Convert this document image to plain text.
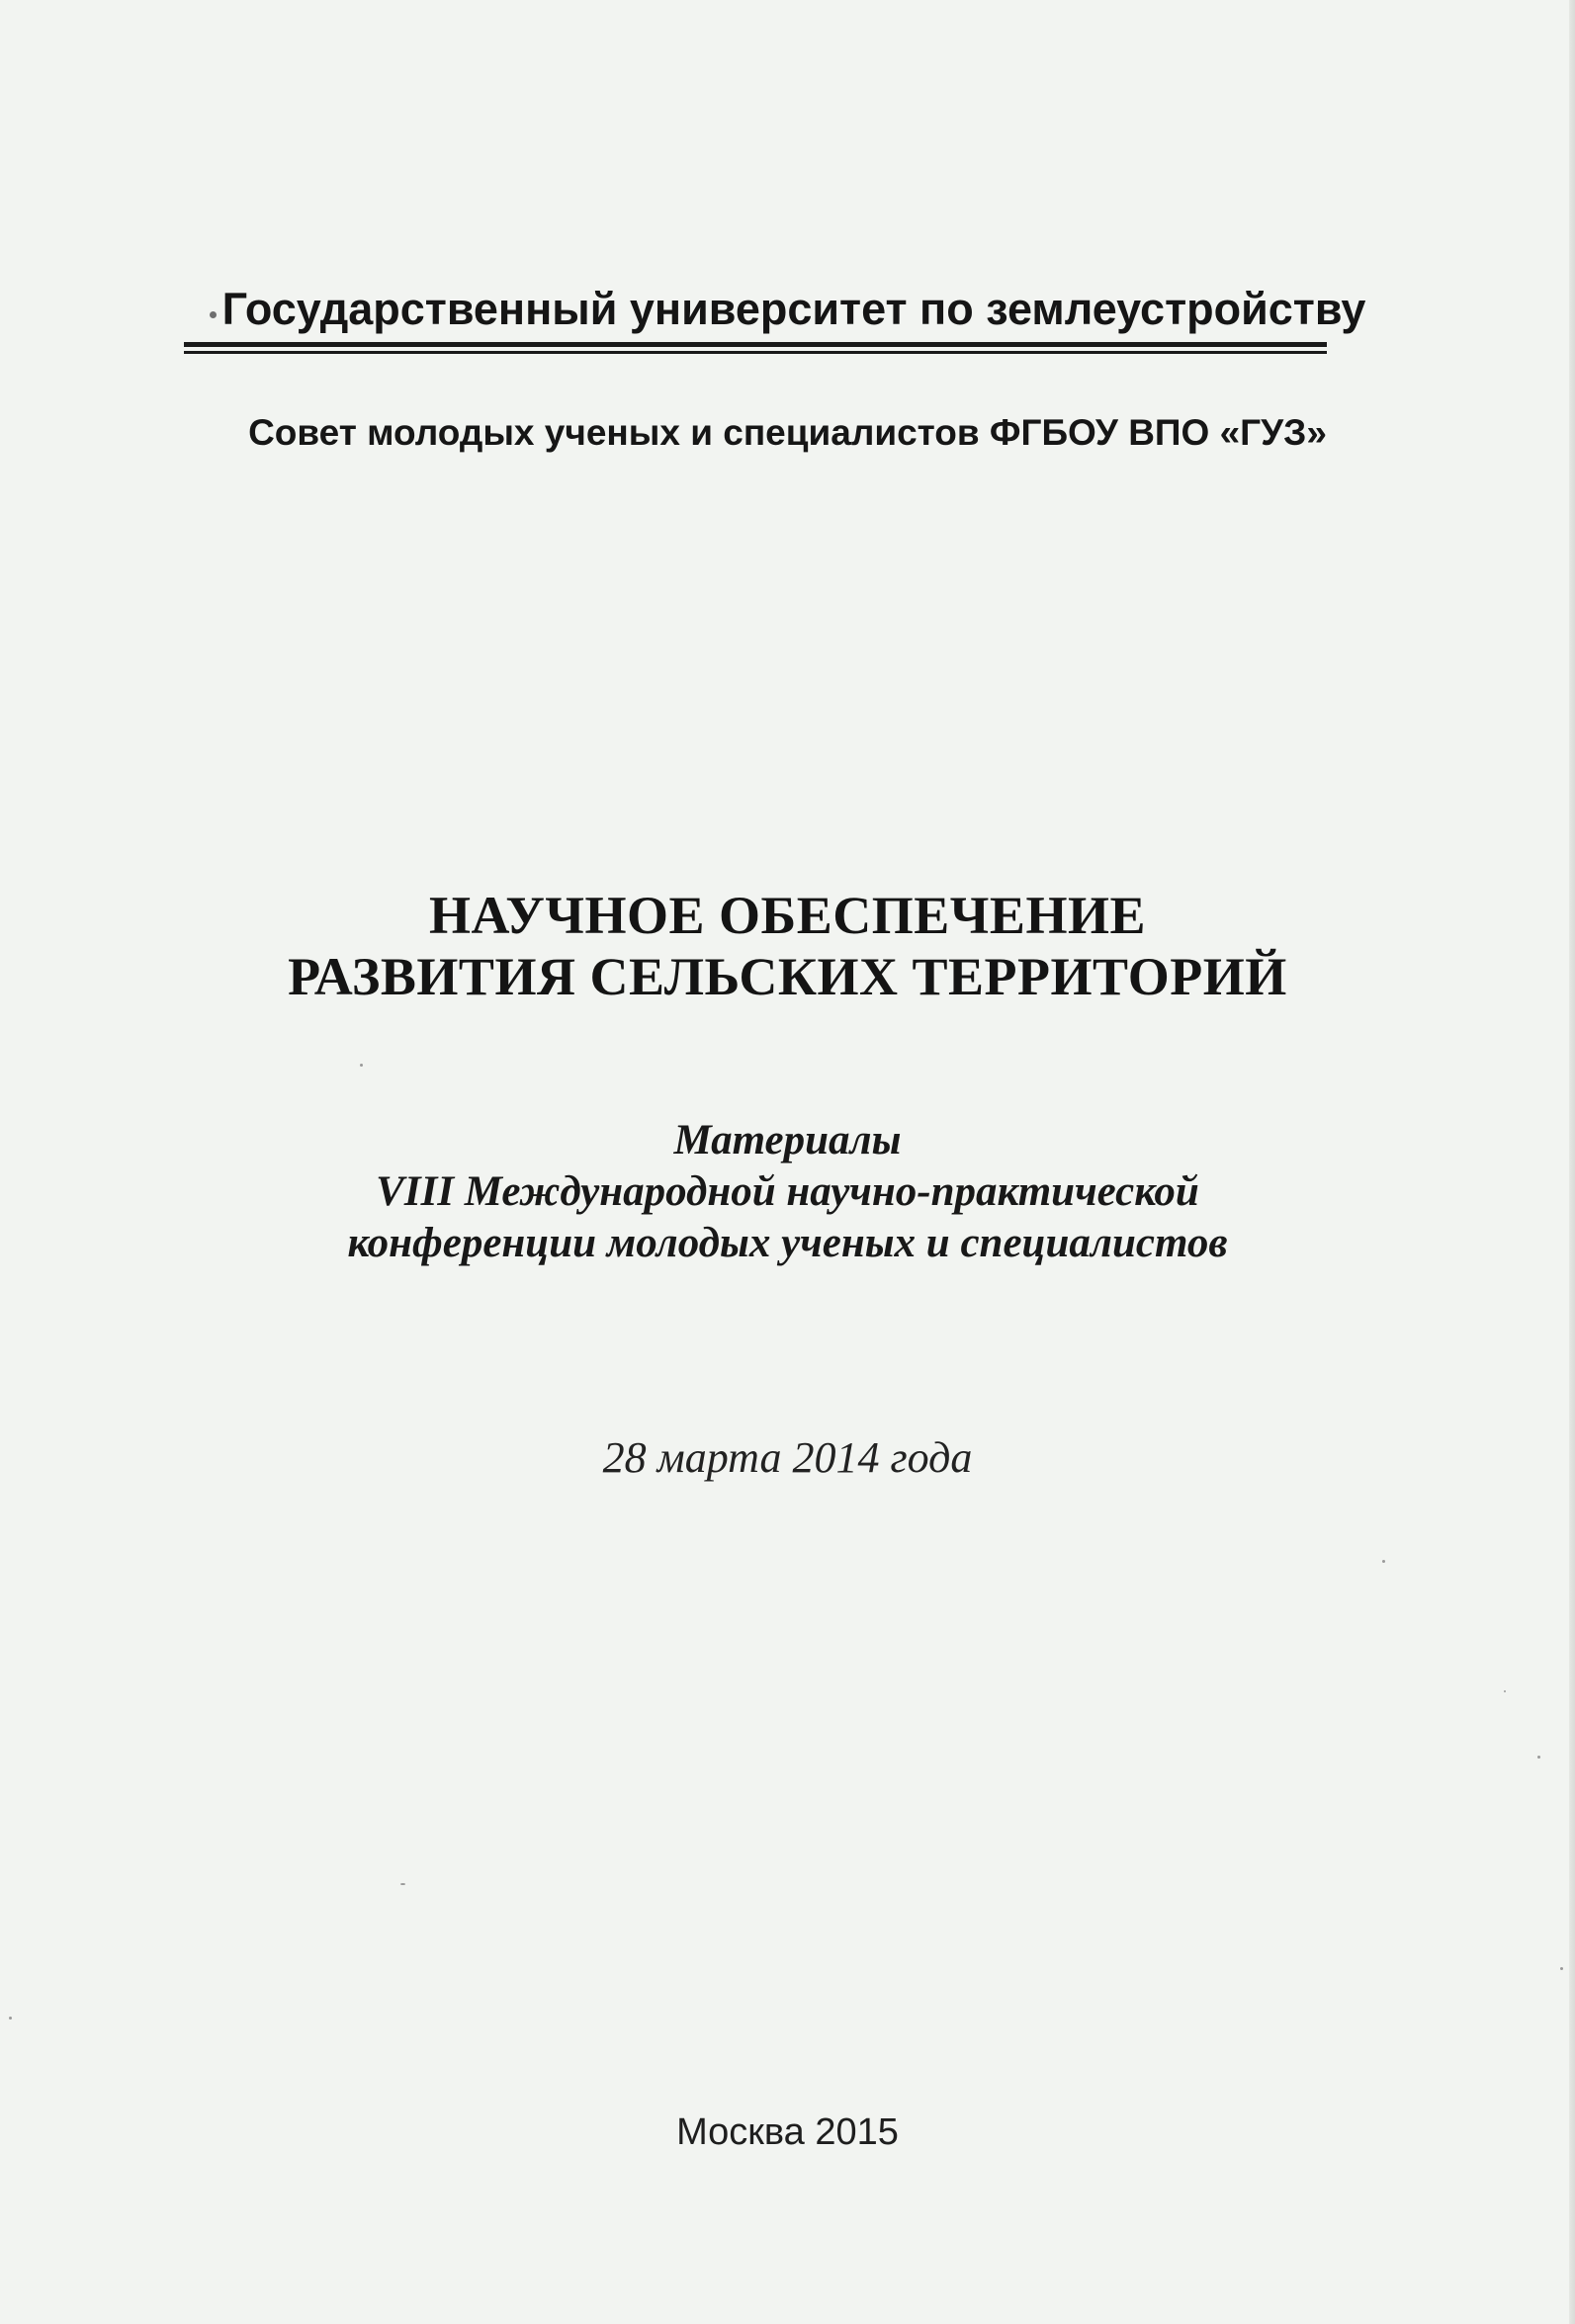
Государственный университет по землеустройству

Совет молодых ученых и специалистов ФГБОУ ВПО «ГУЗ»

НАУЧНОЕ ОБЕСПЕЧЕНИЕ

РАЗВИТИЯ СЕЛЬСКИХ ТЕРРИТОРИЙ

Материалы

VIII Международной научно-практической

конференции молодых ученых и специалистов

28 марта 2014 года

Москва 2015
